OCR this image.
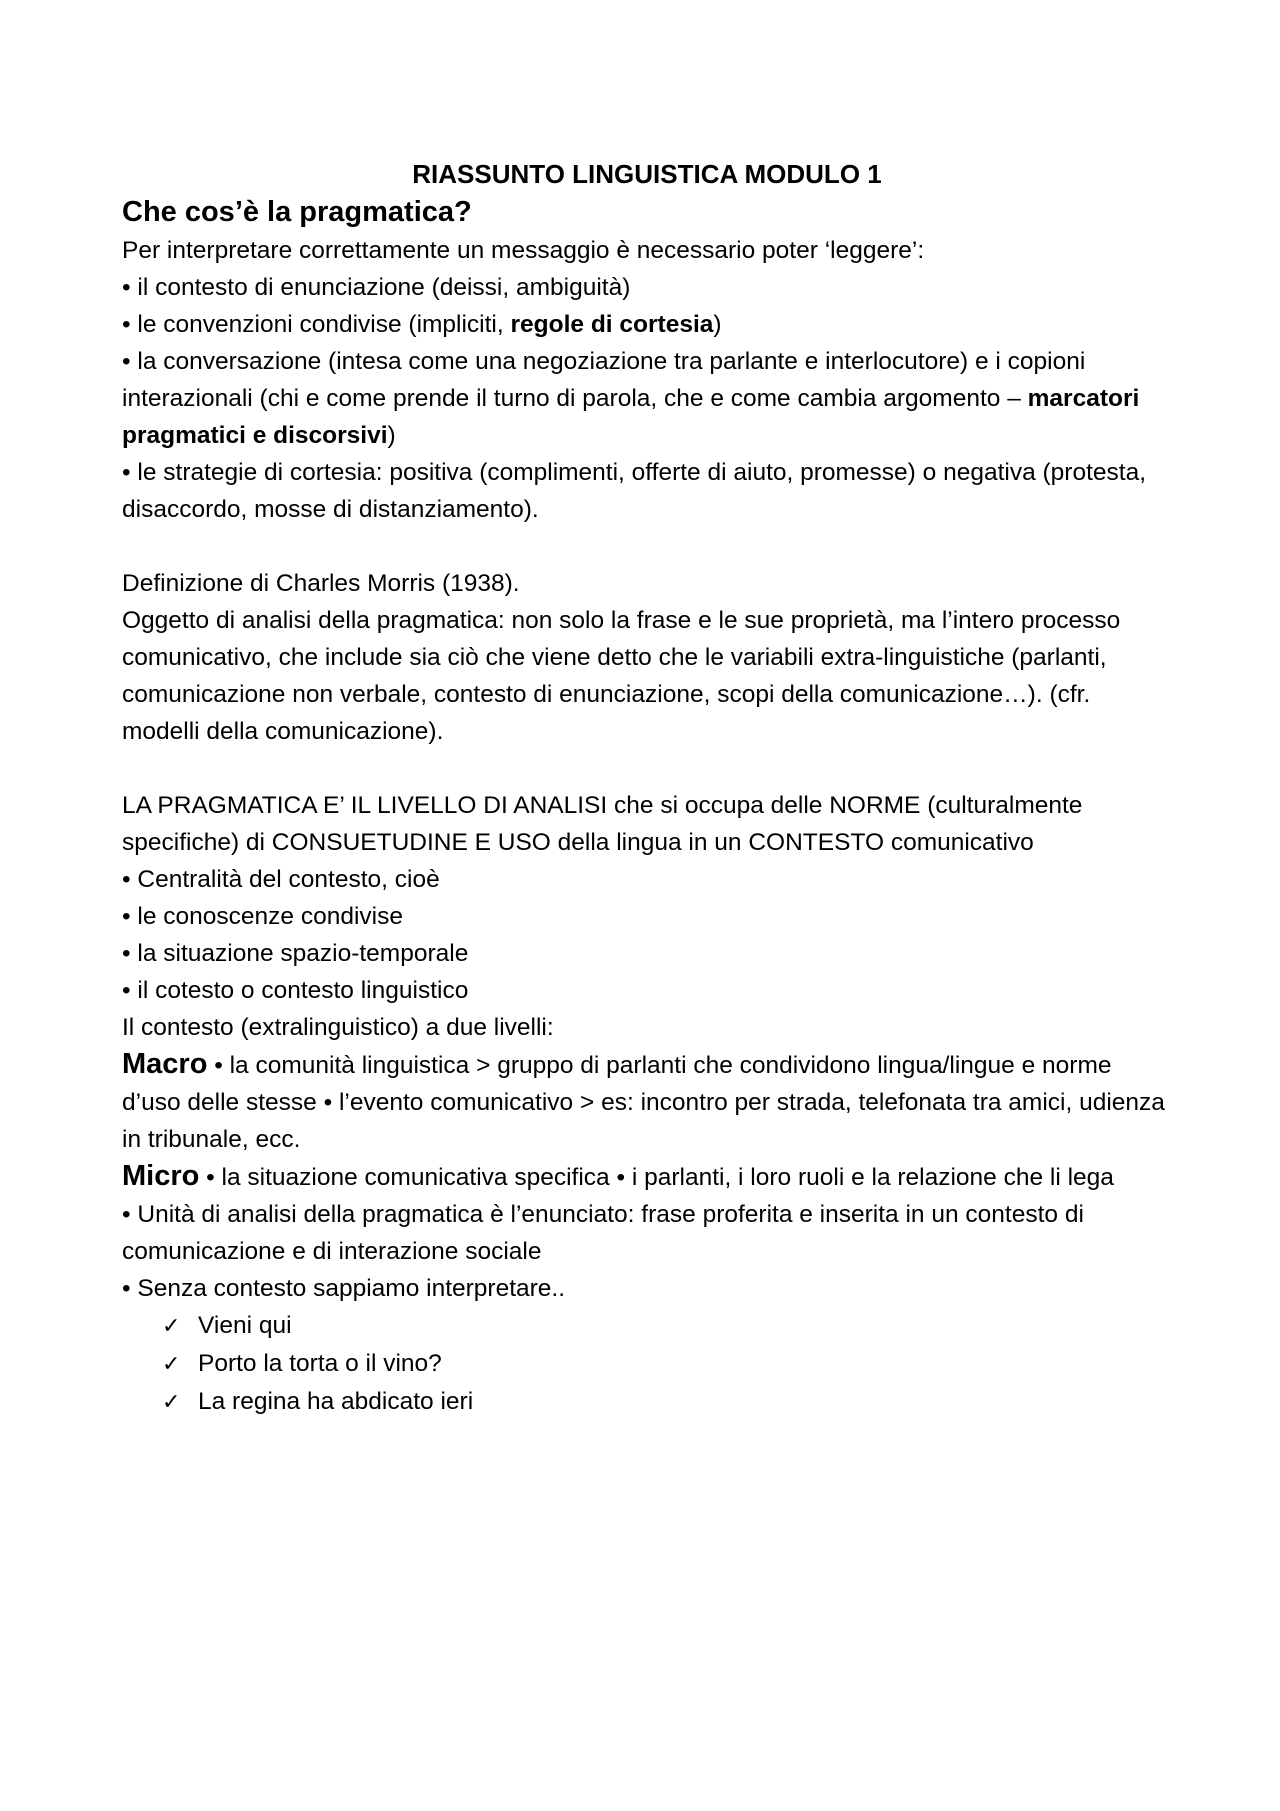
RIASSUNTO LINGUISTICA MODULO 1

Che cos’è la pragmatica?

Per interpretare correttamente un messaggio è necessario poter ‘leggere’:

• il contesto di enunciazione (deissi, ambiguità)

• le convenzioni condivise (impliciti, regole di cortesia)

• la conversazione (intesa come una negoziazione tra parlante e interlocutore) e i copioni interazionali (chi e come prende il turno di parola, che e come cambia argomento – marcatori pragmatici e discorsivi)

• le strategie di cortesia: positiva (complimenti, offerte di aiuto, promesse) o negativa (protesta, disaccordo, mosse di distanziamento).

Definizione di Charles Morris (1938).

Oggetto di analisi della pragmatica: non solo la frase e le sue proprietà, ma l’intero processo comunicativo, che include sia ciò che viene detto che le variabili extra-linguistiche (parlanti, comunicazione non verbale, contesto di enunciazione, scopi della comunicazione…). (cfr. modelli della comunicazione).

LA PRAGMATICA E’ IL LIVELLO DI ANALISI che si occupa delle NORME (culturalmente specifiche) di CONSUETUDINE E USO della lingua in un CONTESTO comunicativo

• Centralità del contesto, cioè

• le conoscenze condivise

• la situazione spazio-temporale

• il cotesto o contesto linguistico

Il contesto (extralinguistico) a due livelli:

Macro • la comunità linguistica > gruppo di parlanti che condividono lingua/lingue e norme d’uso delle stesse • l’evento comunicativo > es: incontro per strada, telefonata tra amici, udienza in tribunale, ecc.

Micro • la situazione comunicativa specifica • i parlanti, i loro ruoli e la relazione che li lega

• Unità di analisi della pragmatica è l’enunciato: frase proferita e inserita in un contesto di comunicazione e di interazione sociale

• Senza contesto sappiamo interpretare..

✓ Vieni qui
✓ Porto la torta o il vino?
✓ La regina ha abdicato ieri
